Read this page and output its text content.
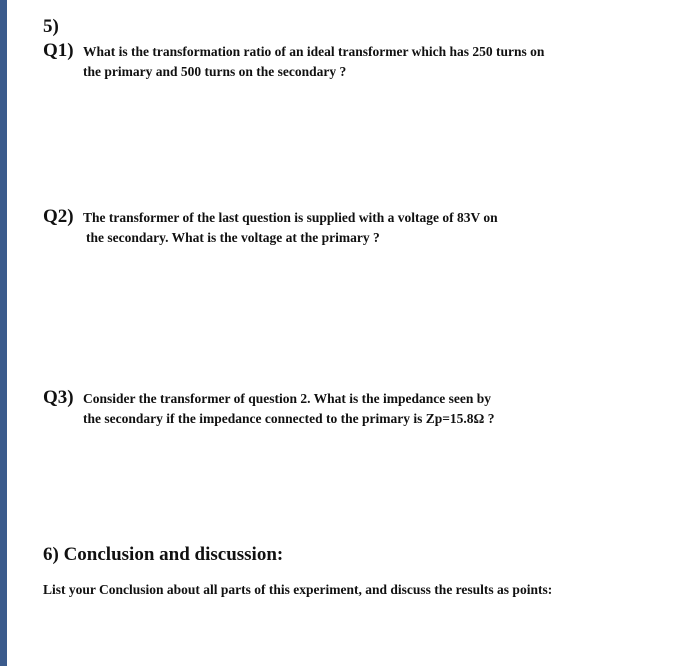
5)
Q1) What is the transformation ratio of an ideal transformer which has 250 turns on
the primary and 500 turns on the secondary ?
Q2) The transformer of the last question is supplied with a voltage of 83V on
the secondary. What is the voltage at the primary ?
Q3) Consider the transformer of question 2. What is the impedance seen by
the secondary if the impedance connected to the primary is Zp=15.8Ω ?
6) Conclusion and discussion:
List your Conclusion about all parts of this experiment, and discuss the results as points:
